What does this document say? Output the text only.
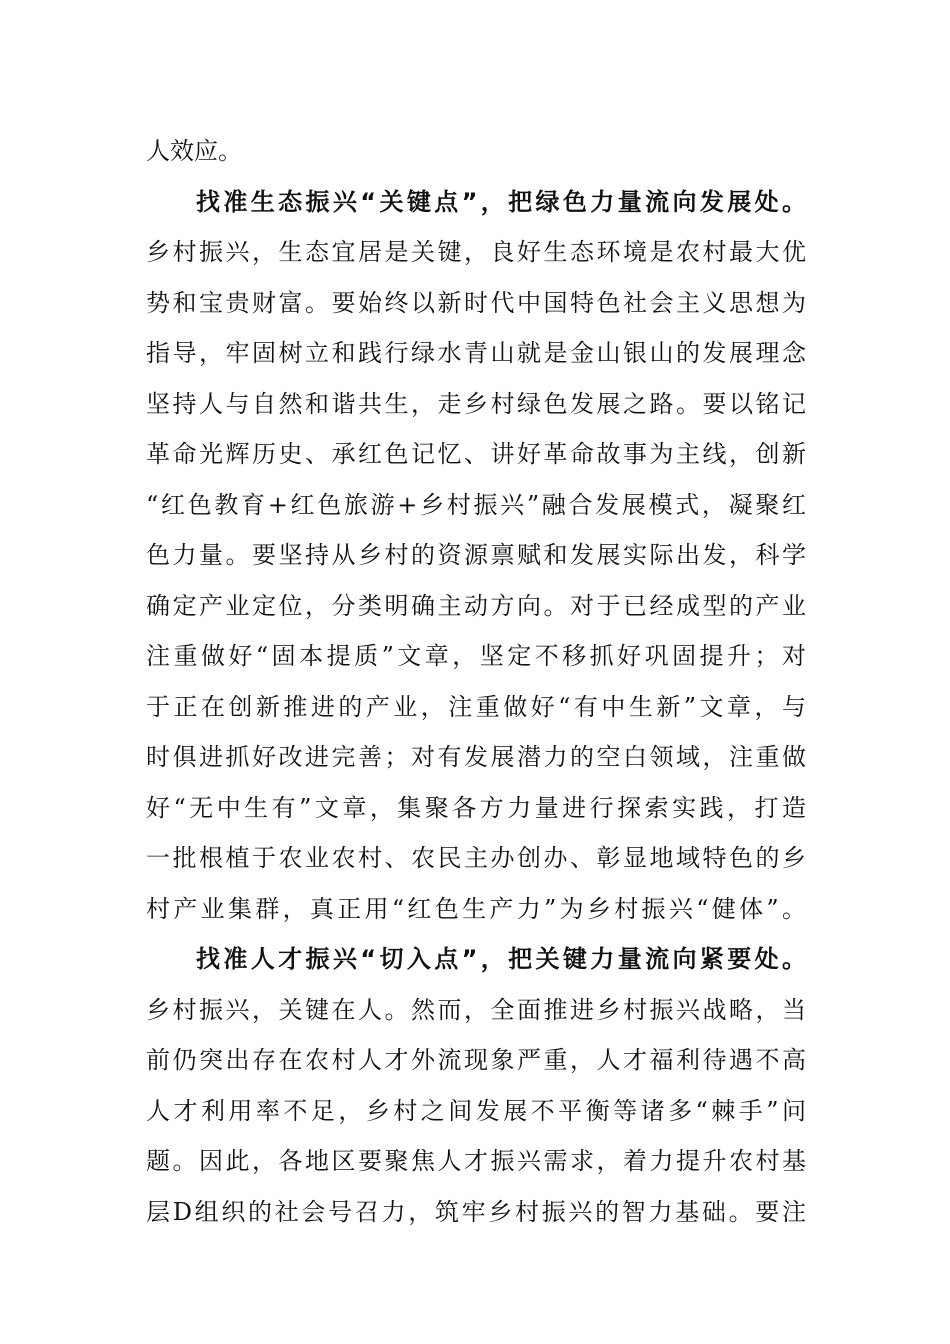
人效应。
找准生态振兴“关键点”，把绿色力量流向发展处。
乡村振兴，生态宜居是关键，良好生态环境是农村最大优
势和宝贵财富。要始终以新时代中国特色社会主义思想为
指导，牢固树立和践行绿水青山就是金山银山的发展理念
坚持人与自然和谐共生，走乡村绿色发展之路。要以铭记
革命光辉历史、承红色记忆、讲好革命故事为主线，创新
“红色教育+红色旅游+乡村振兴”融合发展模式，凝聚红
色力量。要坚持从乡村的资源禀赋和发展实际出发，科学
确定产业定位，分类明确主动方向。对于已经成型的产业
注重做好“固本提质”文章，坚定不移抓好巩固提升；对
于正在创新推进的产业，注重做好“有中生新”文章，与
时俱进抓好改进完善；对有发展潜力的空白领域，注重做
好“无中生有”文章，集聚各方力量进行探索实践，打造
一批根植于农业农村、农民主办创办、彰显地域特色的乡
村产业集群，真正用“红色生产力”为乡村振兴“健体”。
找准人才振兴“切入点”，把关键力量流向紧要处。
乡村振兴，关键在人。然而，全面推进乡村振兴战略，当
前仍突出存在农村人才外流现象严重，人才福利待遇不高
人才利用率不足，乡村之间发展不平衡等诸多“棘手”问
题。因此，各地区要聚焦人才振兴需求，着力提升农村基
层D组织的社会号召力，筑牢乡村振兴的智力基础。要注
